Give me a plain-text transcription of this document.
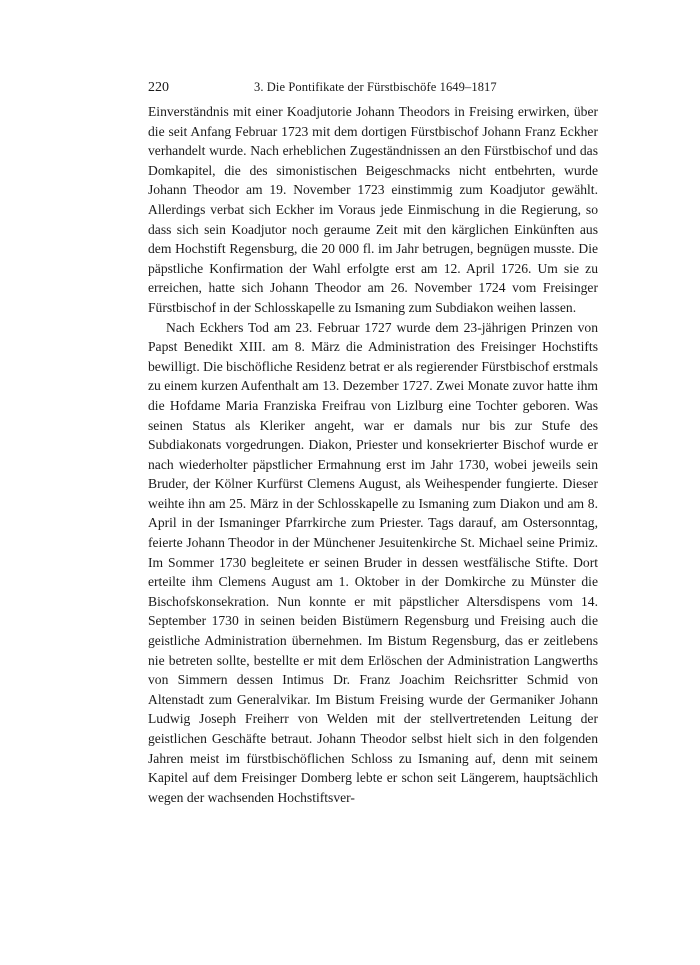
220	3. Die Pontifikate der Fürstbischöfe 1649–1817

Einverständnis mit einer Koadjutorie Johann Theodors in Freising erwirken, über die seit Anfang Februar 1723 mit dem dortigen Fürstbischof Johann Franz Eckher verhandelt wurde. Nach erheblichen Zugeständnissen an den Fürstbischof und das Domkapitel, die des simonistischen Beigeschmacks nicht entbehrten, wurde Johann Theodor am 19. November 1723 einstimmig zum Koadjutor gewählt. Allerdings verbat sich Eckher im Voraus jede Einmischung in die Regierung, so dass sich sein Koadjutor noch geraume Zeit mit den kärglichen Einkünften aus dem Hochstift Regensburg, die 20 000 fl. im Jahr betrugen, begnügen musste. Die päpstliche Konfirmation der Wahl erfolgte erst am 12. April 1726. Um sie zu erreichen, hatte sich Johann Theodor am 26. November 1724 vom Freisinger Fürstbischof in der Schlosskapelle zu Ismaning zum Subdiakon weihen lassen.

Nach Eckhers Tod am 23. Februar 1727 wurde dem 23-jährigen Prinzen von Papst Benedikt XIII. am 8. März die Administration des Freisinger Hochstifts bewilligt. Die bischöfliche Residenz betrat er als regierender Fürstbischof erstmals zu einem kurzen Aufenthalt am 13. Dezember 1727. Zwei Monate zuvor hatte ihm die Hofdame Maria Franziska Freifrau von Lizlburg eine Tochter geboren. Was seinen Status als Kleriker angeht, war er damals nur bis zur Stufe des Subdiakonats vorgedrungen. Diakon, Priester und konsekrierter Bischof wurde er nach wiederholter päpstlicher Ermahnung erst im Jahr 1730, wobei jeweils sein Bruder, der Kölner Kurfürst Clemens August, als Weihespender fungierte. Dieser weihte ihn am 25. März in der Schlosskapelle zu Ismaning zum Diakon und am 8. April in der Ismaninger Pfarrkirche zum Priester. Tags darauf, am Ostersonntag, feierte Johann Theodor in der Münchener Jesuitenkirche St. Michael seine Primiz. Im Sommer 1730 begleitete er seinen Bruder in dessen westfälische Stifte. Dort erteilte ihm Clemens August am 1. Oktober in der Domkirche zu Münster die Bischofskonsekration. Nun konnte er mit päpstlicher Altersdispens vom 14. September 1730 in seinen beiden Bistümern Regensburg und Freising auch die geistliche Administration übernehmen. Im Bistum Regensburg, das er zeitlebens nie betreten sollte, bestellte er mit dem Erlöschen der Administration Langwerths von Simmern dessen Intimus Dr. Franz Joachim Reichsritter Schmid von Altenstadt zum Generalvikar. Im Bistum Freising wurde der Germaniker Johann Ludwig Joseph Freiherr von Welden mit der stellvertretenden Leitung der geistlichen Geschäfte betraut. Johann Theodor selbst hielt sich in den folgenden Jahren meist im fürstbischöflichen Schloss zu Ismaning auf, denn mit seinem Kapitel auf dem Freisinger Domberg lebte er schon seit Längerem, hauptsächlich wegen der wachsenden Hochstiftsver-
